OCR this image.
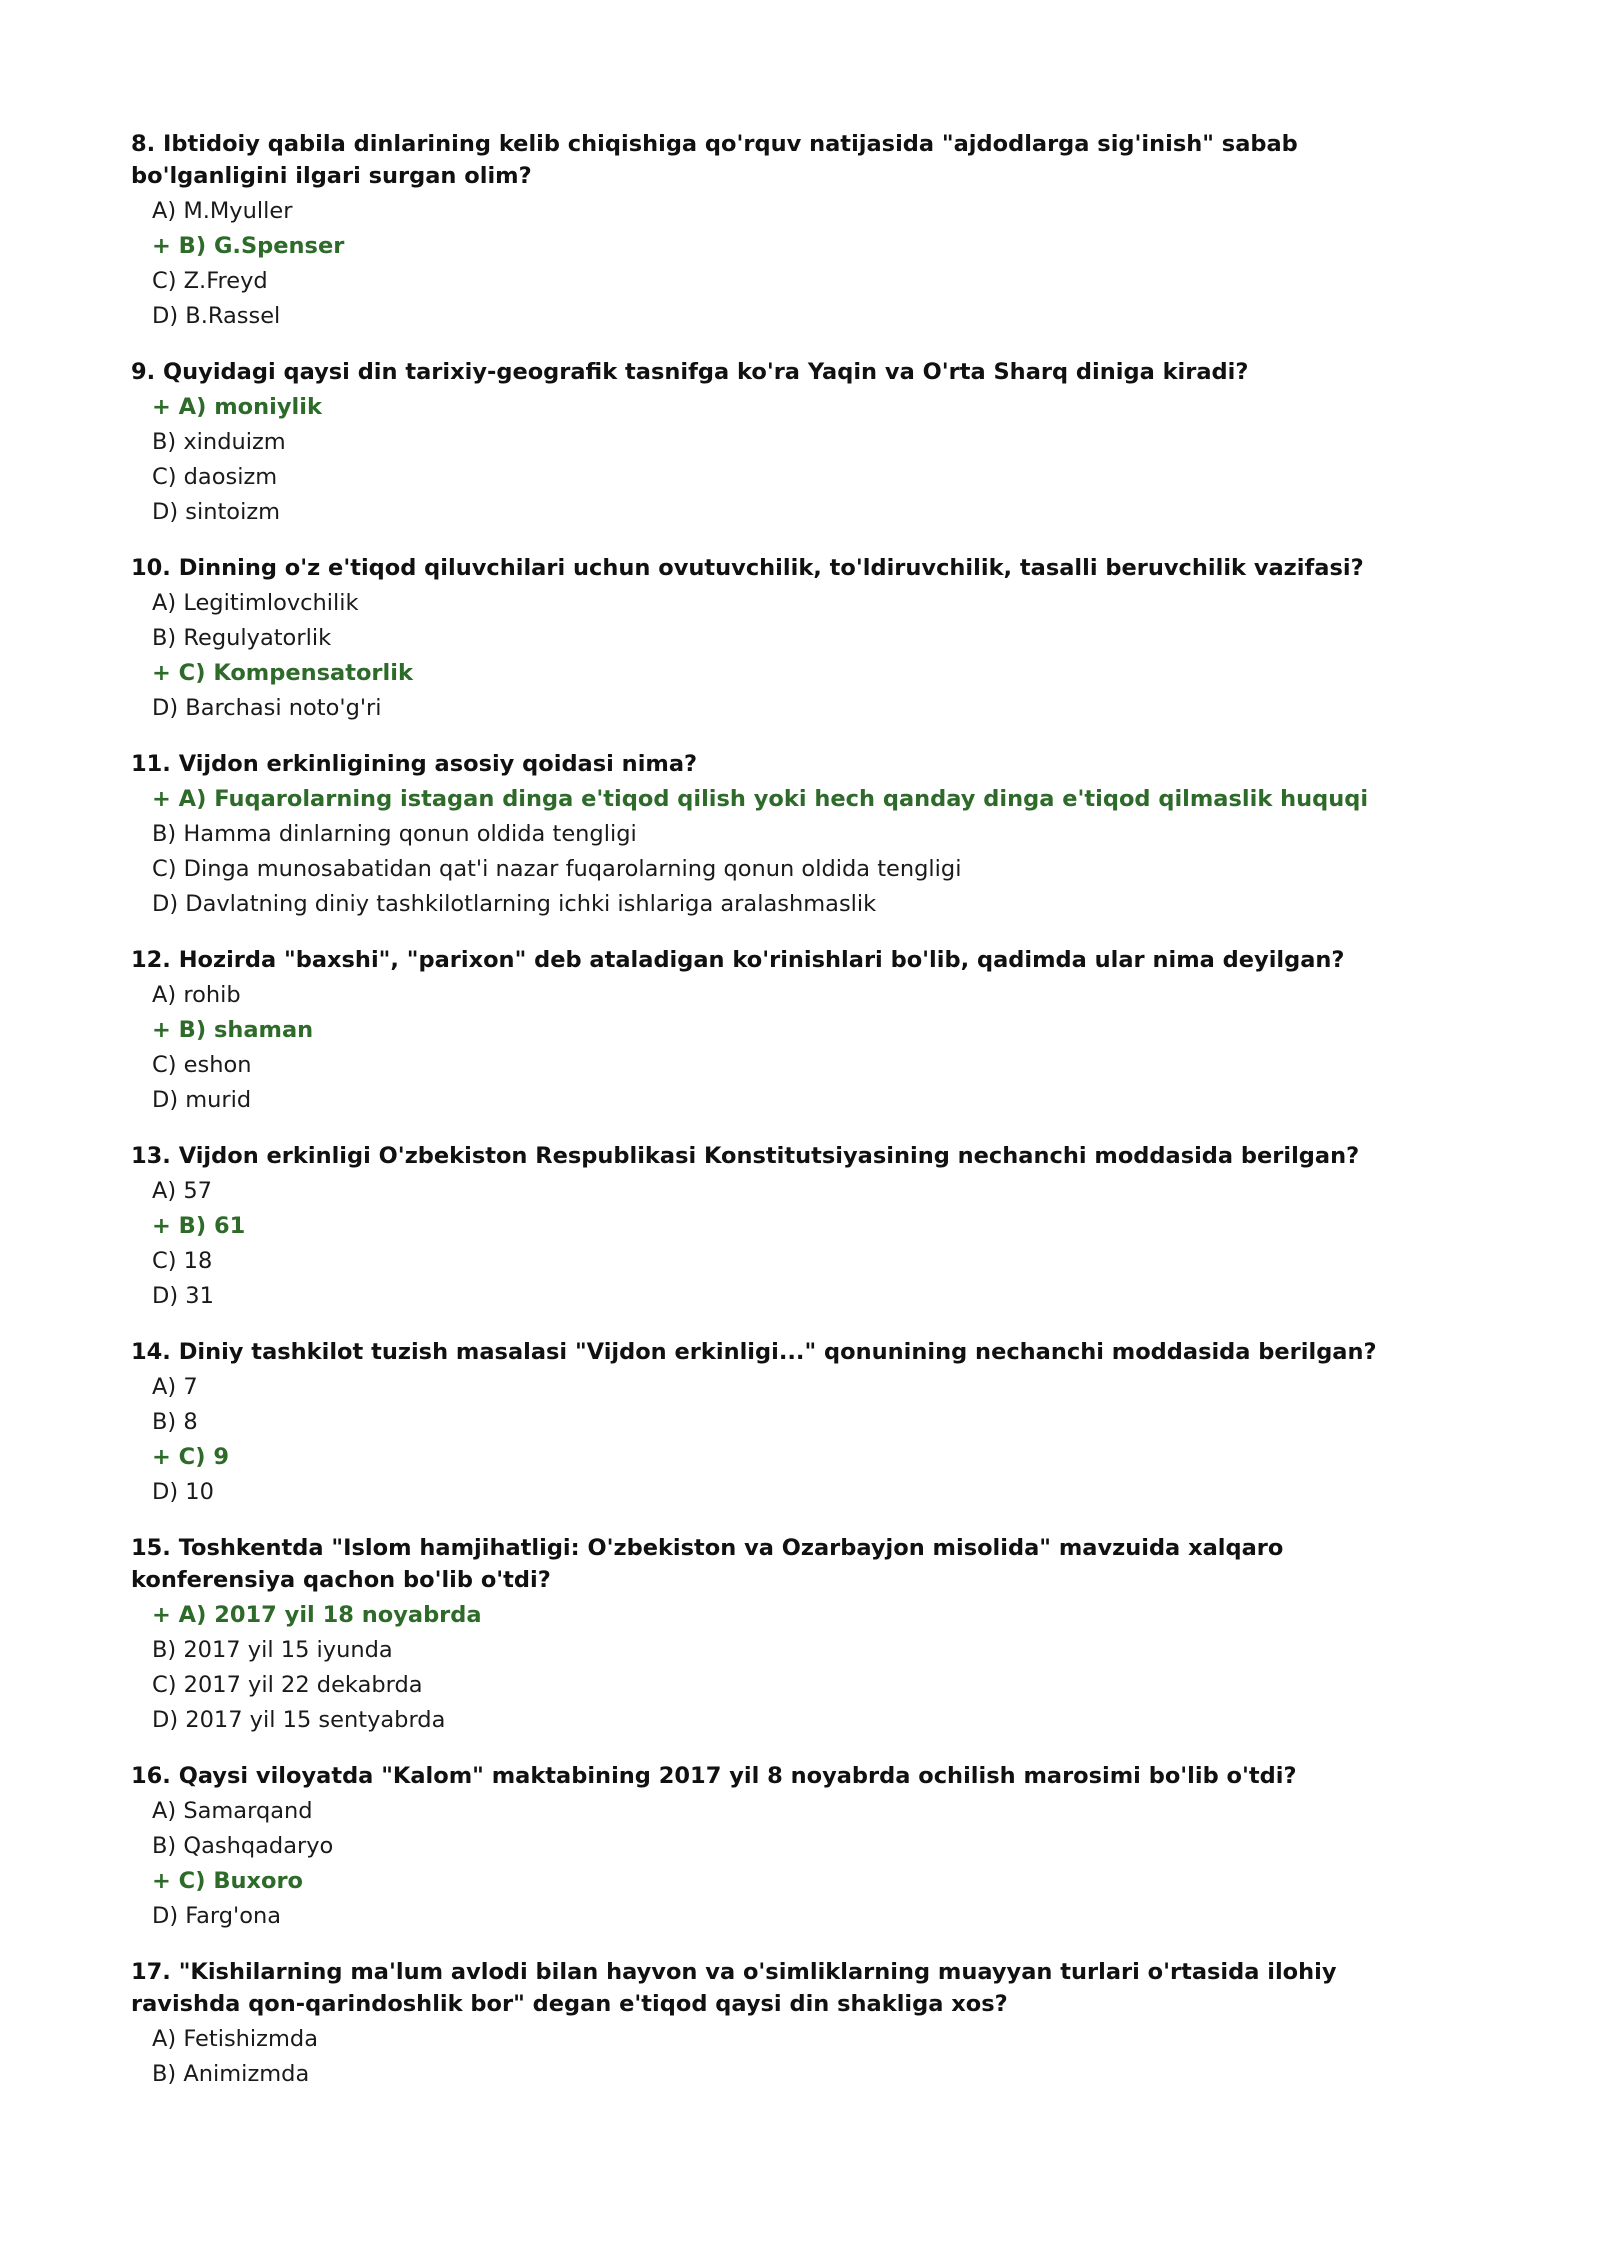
8. Ibtidoiy qabila dinlarining kelib chiqishiga qo'rquv natijasida "ajdodlarga sig'inish" sabab bo'lganligini ilgari surgan olim?
A) M.Myuller
+ B) G.Spenser
C) Z.Freyd
D) B.Rassel
9. Quyidagi qaysi din tarixiy-geografik tasnifga ko'ra Yaqin va O'rta Sharq diniga kiradi?
+ A) moniylik
B) xinduizm
C) daosizm
D) sintoizm
10. Dinning o'z e'tiqod qiluvchilari uchun ovutuvchilik, to'ldiruvchilik, tasalli beruvchilik vazifasi?
A) Legitimlovchilik
B) Regulyatorlik
+ C) Kompensatorlik
D) Barchasi noto'g'ri
11. Vijdon erkinligining asosiy qoidasi nima?
+ A) Fuqarolarning istagan dinga e'tiqod qilish yoki hech qanday dinga e'tiqod qilmaslik huquqi
B) Hamma dinlarning qonun oldida tengligi
C) Dinga munosabatidan qat'i nazar fuqarolarning qonun oldida tengligi
D) Davlatning diniy tashkilotlarning ichki ishlariga aralashmaslik
12. Hozirda "baxshi", "parixon" deb ataladigan ko'rinishlari bo'lib, qadimda ular nima deyilgan?
A) rohib
+ B) shaman
C) eshon
D) murid
13. Vijdon erkinligi O'zbekiston Respublikasi Konstitutsiyasining nechanchi moddasida berilgan?
A) 57
+ B) 61
C) 18
D) 31
14. Diniy tashkilot tuzish masalasi "Vijdon erkinligi..." qonunining nechanchi moddasida berilgan?
A) 7
B) 8
+ C) 9
D) 10
15. Toshkentda "Islom hamjihatligi: O'zbekiston va Ozarbayjon misolida" mavzuida xalqaro konferensiya qachon bo'lib o'tdi?
+ A) 2017 yil 18 noyabrda
B) 2017 yil 15 iyunda
C) 2017 yil 22 dekabrda
D) 2017 yil 15 sentyabrda
16. Qaysi viloyatda "Kalom" maktabining 2017 yil 8 noyabrda ochilish marosimi bo'lib o'tdi?
A) Samarqand
B) Qashqadaryo
+ C) Buxoro
D) Farg'ona
17. "Kishilarning ma'lum avlodi bilan hayvon va o'simliklarning muayyan turlari o'rtasida ilohiy ravishda qon-qarindoshlik bor" degan e'tiqod qaysi din shakliga xos?
A) Fetishizmda
B) Animizmda
